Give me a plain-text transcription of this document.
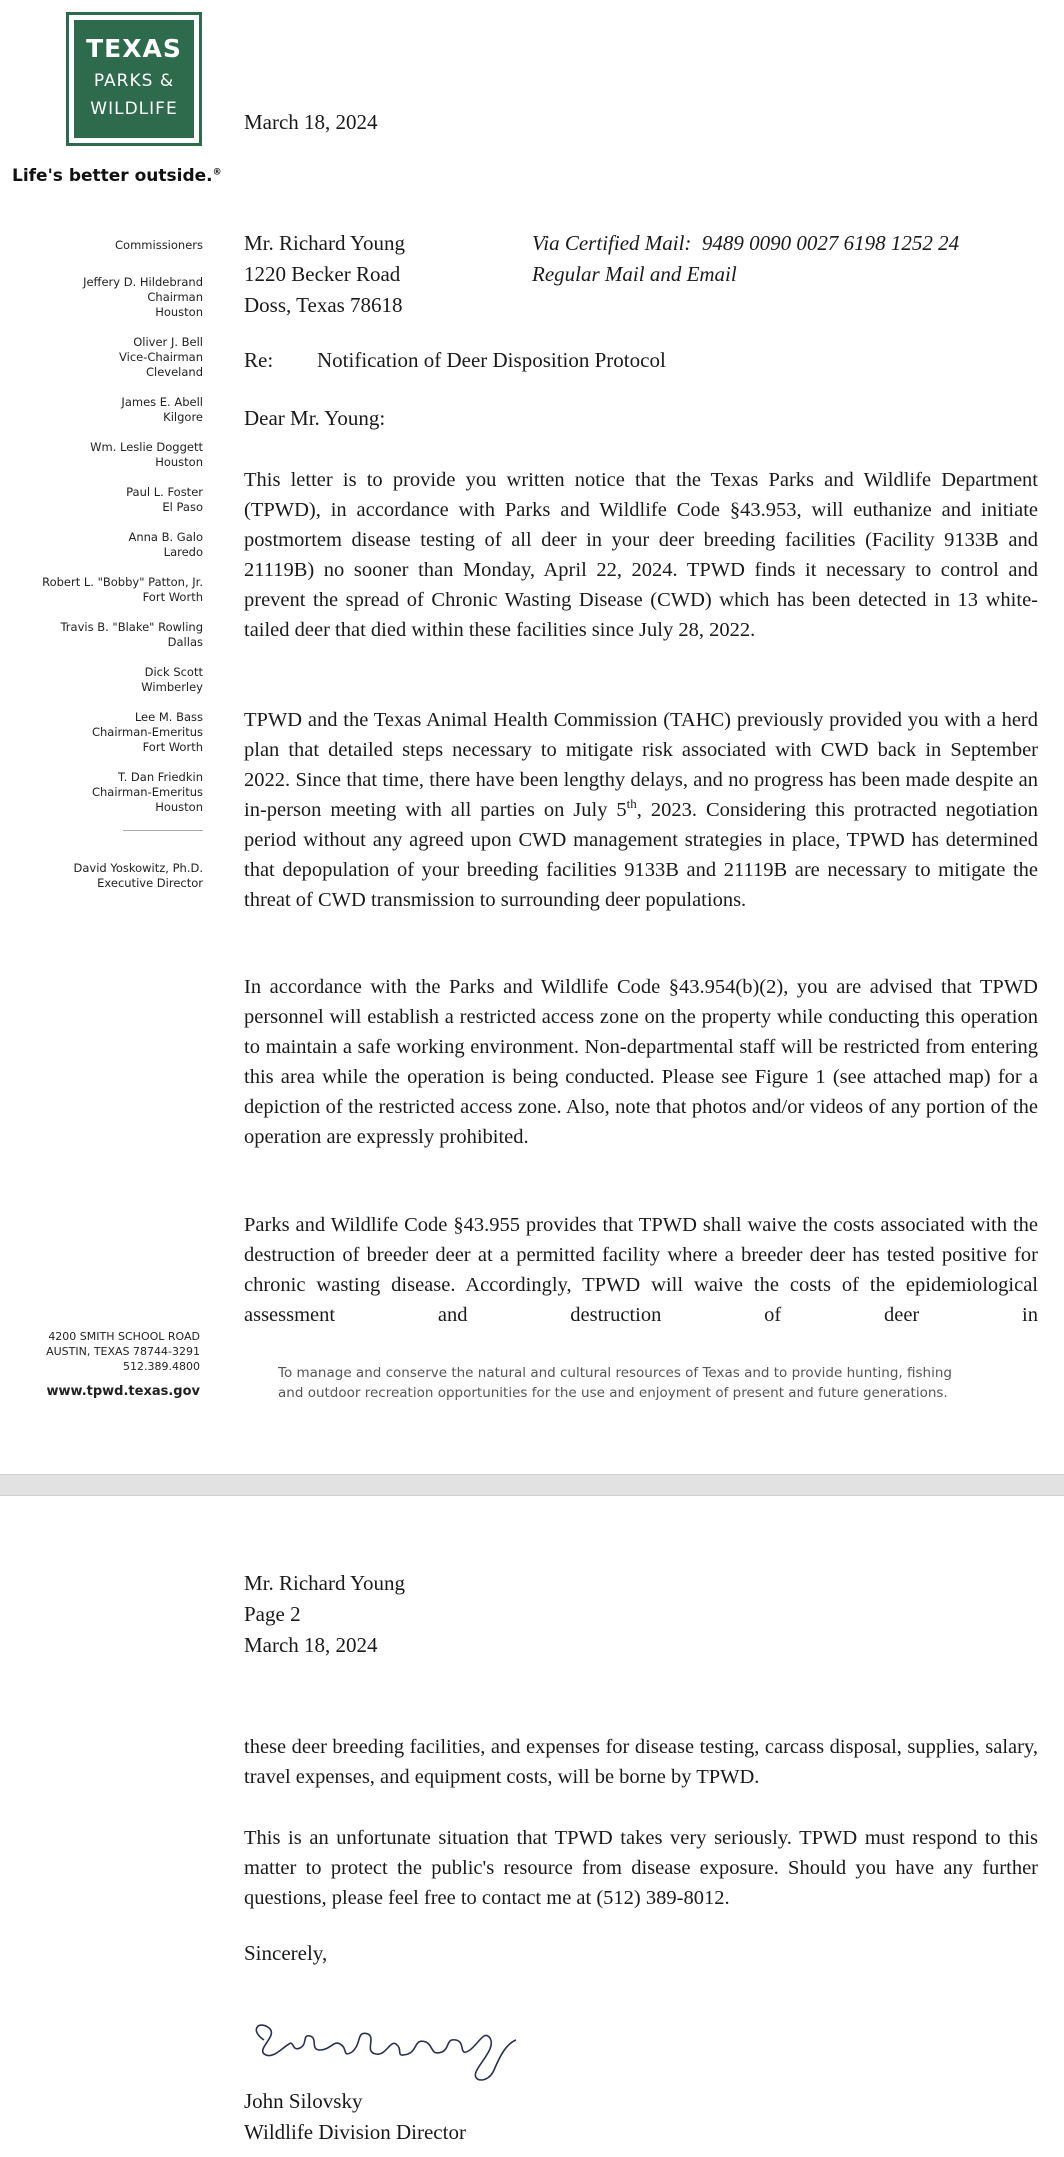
TEXAS
PARKS &
WILDLIFE
Life's better outside.®
Commissioners
Jeffery D. Hildebrand
Chairman
Houston
Oliver J. Bell
Vice-Chairman
Cleveland
James E. Abell
Kilgore
Wm. Leslie Doggett
Houston
Paul L. Foster
El Paso
Anna B. Galo
Laredo
Robert L. "Bobby" Patton, Jr.
Fort Worth
Travis B. "Blake" Rowling
Dallas
Dick Scott
Wimberley
Lee M. Bass
Chairman-Emeritus
Fort Worth
T. Dan Friedkin
Chairman-Emeritus
Houston
David Yoskowitz, Ph.D.
Executive Director
4200 SMITH SCHOOL ROAD
AUSTIN, TEXAS 78744-3291
512.389.4800
www.tpwd.texas.gov
To manage and conserve the natural and cultural resources of Texas and to provide hunting, fishing
and outdoor recreation opportunities for the use and enjoyment of present and future generations.
March 18, 2024
Mr. Richard Young
1220 Becker Road
Doss, Texas 78618
Via Certified Mail:  9489 0090 0027 6198 1252 24
Regular Mail and Email
Re: Notification of Deer Disposition Protocol
Dear Mr. Young:
This letter is to provide you written notice that the Texas Parks and Wildlife Department (TPWD), in accordance with Parks and Wildlife Code §43.953, will euthanize and initiate postmortem disease testing of all deer in your deer breeding facilities (Facility 9133B and 21119B) no sooner than Monday, April 22, 2024. TPWD finds it necessary to control and prevent the spread of Chronic Wasting Disease (CWD) which has been detected in 13 white-tailed deer that died within these facilities since July 28, 2022.
TPWD and the Texas Animal Health Commission (TAHC) previously provided you with a herd plan that detailed steps necessary to mitigate risk associated with CWD back in September 2022. Since that time, there have been lengthy delays, and no progress has been made despite an in-person meeting with all parties on July 5th, 2023. Considering this protracted negotiation period without any agreed upon CWD management strategies in place, TPWD has determined that depopulation of your breeding facilities 9133B and 21119B are necessary to mitigate the threat of CWD transmission to surrounding deer populations.
In accordance with the Parks and Wildlife Code §43.954(b)(2), you are advised that TPWD personnel will establish a restricted access zone on the property while conducting this operation to maintain a safe working environment. Non-departmental staff will be restricted from entering this area while the operation is being conducted. Please see Figure 1 (see attached map) for a depiction of the restricted access zone. Also, note that photos and/or videos of any portion of the operation are expressly prohibited.
Parks and Wildlife Code §43.955 provides that TPWD shall waive the costs associated with the destruction of breeder deer at a permitted facility where a breeder deer has tested positive for chronic wasting disease. Accordingly, TPWD will waive the costs of the epidemiological assessment and destruction of deer in
Mr. Richard Young
Page 2
March 18, 2024
these deer breeding facilities, and expenses for disease testing, carcass disposal, supplies, salary, travel expenses, and equipment costs, will be borne by TPWD.
This is an unfortunate situation that TPWD takes very seriously. TPWD must respond to this matter to protect the public's resource from disease exposure. Should you have any further questions, please feel free to contact me at (512) 389-8012.
Sincerely,
John Silovsky
Wildlife Division Director
